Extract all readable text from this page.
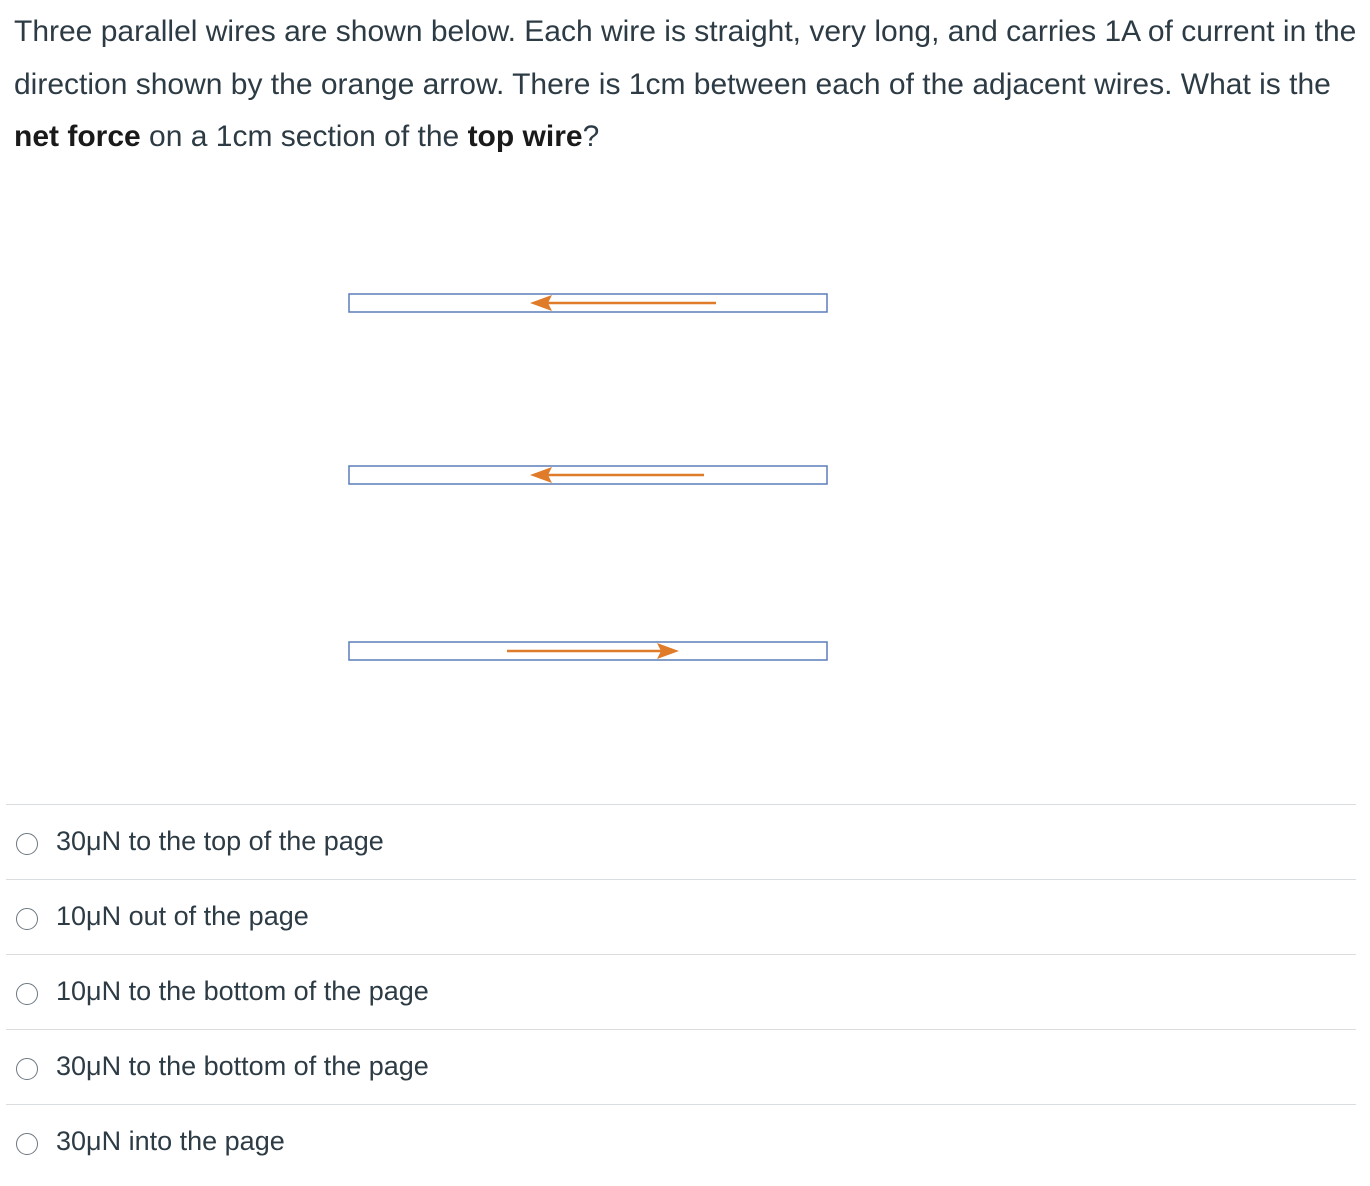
Three parallel wires are shown below. Each wire is straight, very long, and carries 1A of current in the direction shown by the orange arrow. There is 1cm between each of the adjacent wires. What is the net force on a 1cm section of the top wire?

30μN to the top of the page
10μN out of the page
10μN to the bottom of the page
30μN to the bottom of the page
30μN into the page
